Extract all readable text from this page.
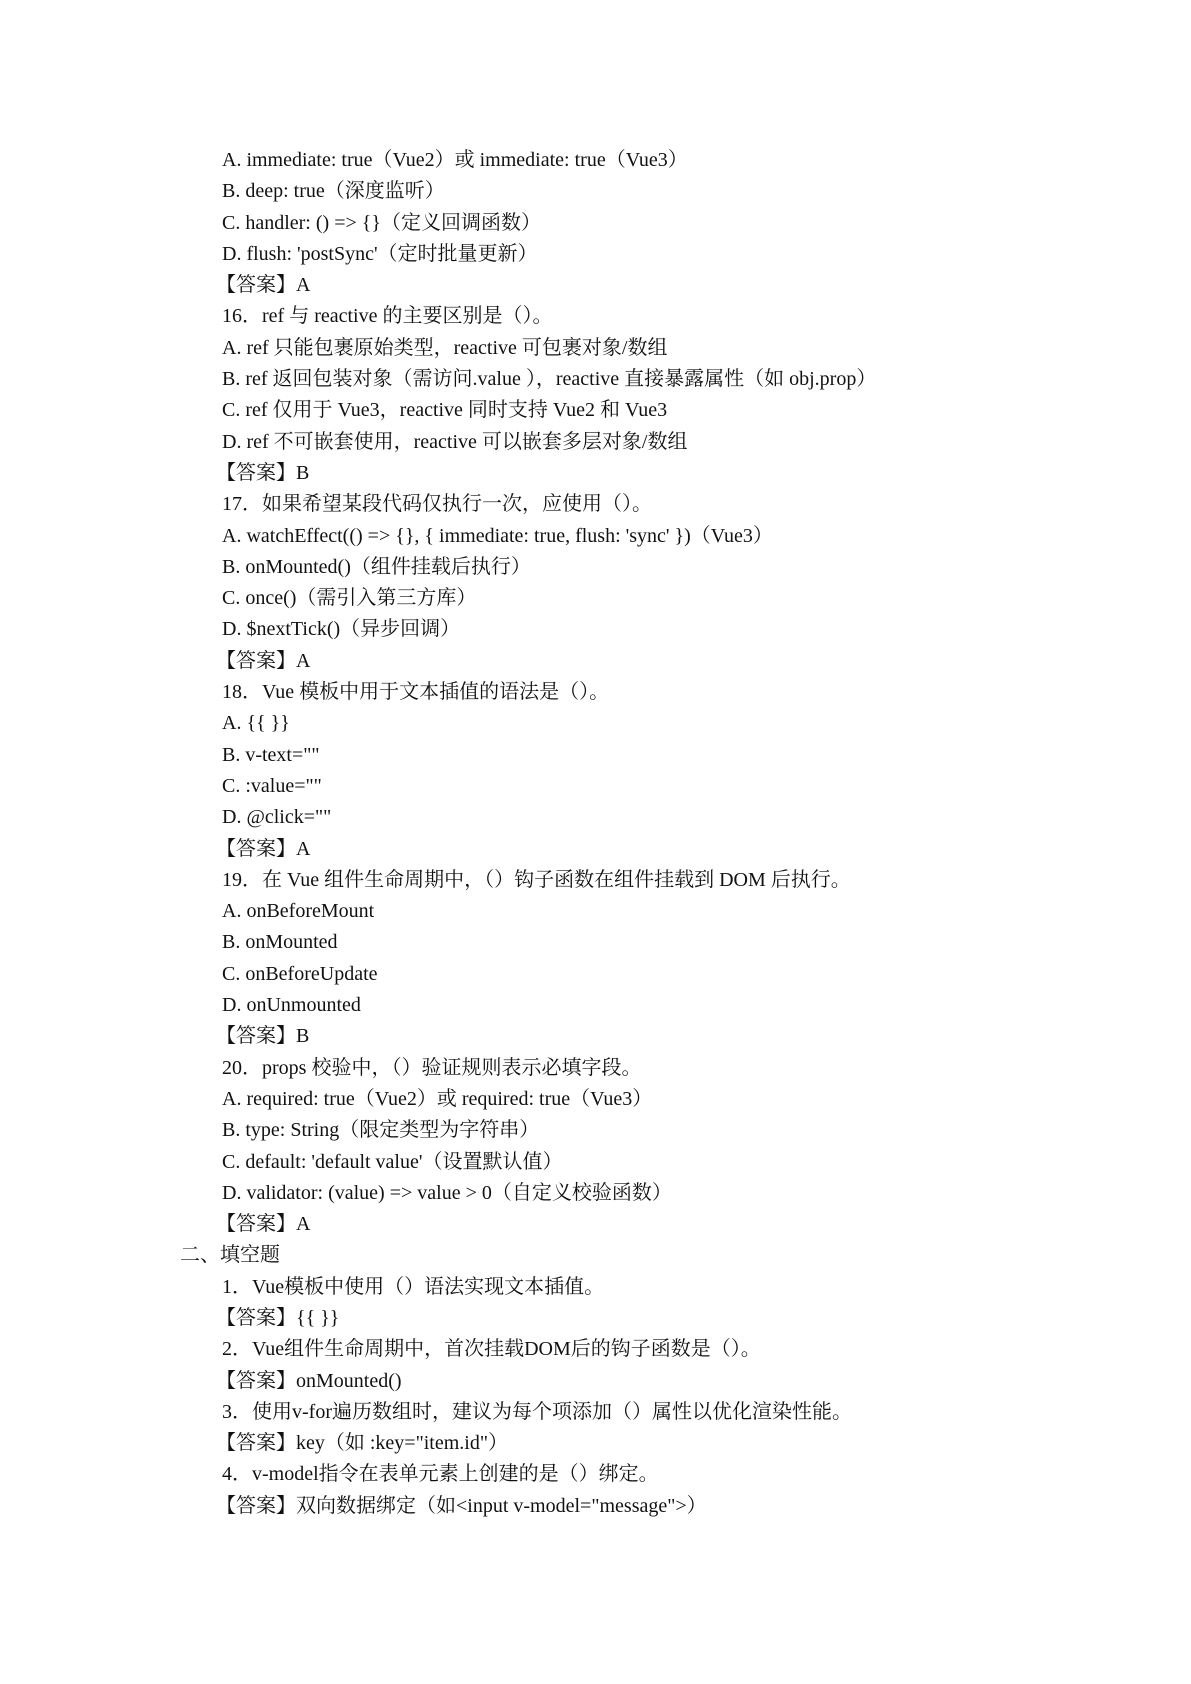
A. immediate: true（Vue2）或 immediate: true（Vue3）
B. deep: true（深度监听）
C. handler: () => {}（定义回调函数）
D. flush: 'postSync'（定时批量更新）
【答案】A
16．ref 与 reactive 的主要区别是（）。
A. ref 只能包裹原始类型，reactive 可包裹对象/数组
B. ref 返回包装对象（需访问.value ），reactive 直接暴露属性（如 obj.prop）
C. ref 仅用于 Vue3，reactive 同时支持 Vue2 和 Vue3
D. ref 不可嵌套使用，reactive 可以嵌套多层对象/数组
【答案】B
17．如果希望某段代码仅执行一次，应使用（）。
A. watchEffect(() => {}, { immediate: true, flush: 'sync' })（Vue3）
B. onMounted()（组件挂载后执行）
C. once()（需引入第三方库）
D. $nextTick()（异步回调）
【答案】A
18．Vue 模板中用于文本插值的语法是（）。
A. {{ }}
B. v-text=""
C. :value=""
D. @click=""
【答案】A
19．在 Vue 组件生命周期中，（）钩子函数在组件挂载到 DOM 后执行。
A. onBeforeMount
B. onMounted
C. onBeforeUpdate
D. onUnmounted
【答案】B
20．props 校验中，（）验证规则表示必填字段。
A. required: true（Vue2）或 required: true（Vue3）
B. type: String（限定类型为字符串）
C. default: 'default value'（设置默认值）
D. validator: (value) => value > 0（自定义校验函数）
【答案】A
二、填空题
1．Vue模板中使用（）语法实现文本插值。
【答案】{{ }}
2．Vue组件生命周期中，首次挂载DOM后的钩子函数是（）。
【答案】onMounted()
3．使用v-for遍历数组时，建议为每个项添加（）属性以优化渲染性能。
【答案】key（如 :key="item.id"）
4．v-model指令在表单元素上创建的是（）绑定。
【答案】双向数据绑定（如<input v-model="message">）
